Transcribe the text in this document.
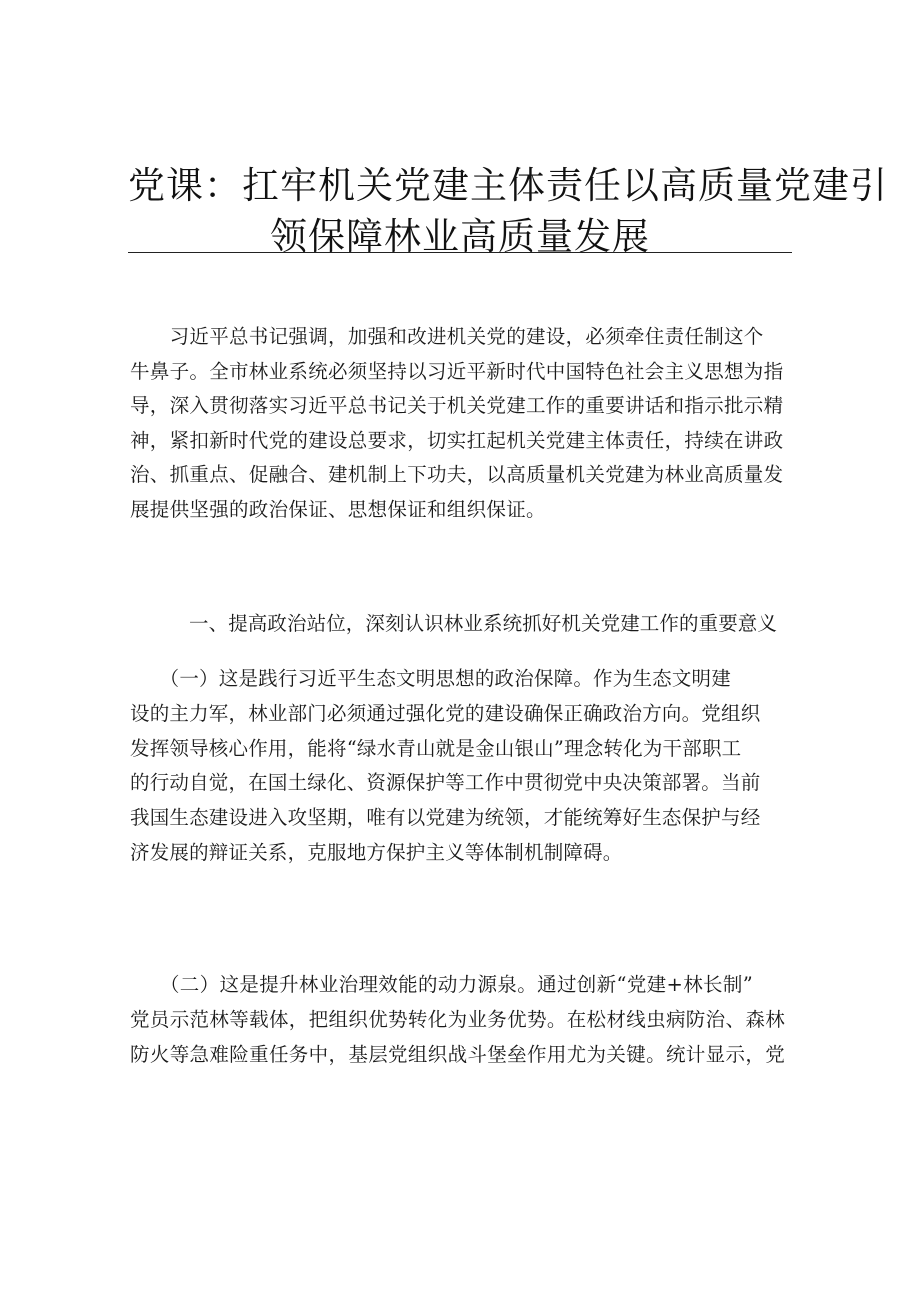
党课：扛牢机关党建主体责任以高质量党建引
领保障林业高质量发展
　　习近平总书记强调，加强和改进机关党的建设，必须牵住责任制这个
牛鼻子。全市林业系统必须坚持以习近平新时代中国特色社会主义思想为指
导，深入贯彻落实习近平总书记关于机关党建工作的重要讲话和指示批示精
神，紧扣新时代党的建设总要求，切实扛起机关党建主体责任，持续在讲政
治、抓重点、促融合、建机制上下功夫，以高质量机关党建为林业高质量发
展提供坚强的政治保证、思想保证和组织保证。
一、提高政治站位，深刻认识林业系统抓好机关党建工作的重要意义
　　（一）这是践行习近平生态文明思想的政治保障。作为生态文明建
设的主力军，林业部门必须通过强化党的建设确保正确政治方向。党组织
发挥领导核心作用，能将“绿水青山就是金山银山”理念转化为干部职工
的行动自觉，在国土绿化、资源保护等工作中贯彻党中央决策部署。当前
我国生态建设进入攻坚期，唯有以党建为统领，才能统筹好生态保护与经
济发展的辩证关系，克服地方保护主义等体制机制障碍。
　　（二）这是提升林业治理效能的动力源泉。通过创新“党建+林长制”
党员示范林等载体，把组织优势转化为业务优势。在松材线虫病防治、森林
防火等急难险重任务中，基层党组织战斗堡垒作用尤为关键。统计显示，党
